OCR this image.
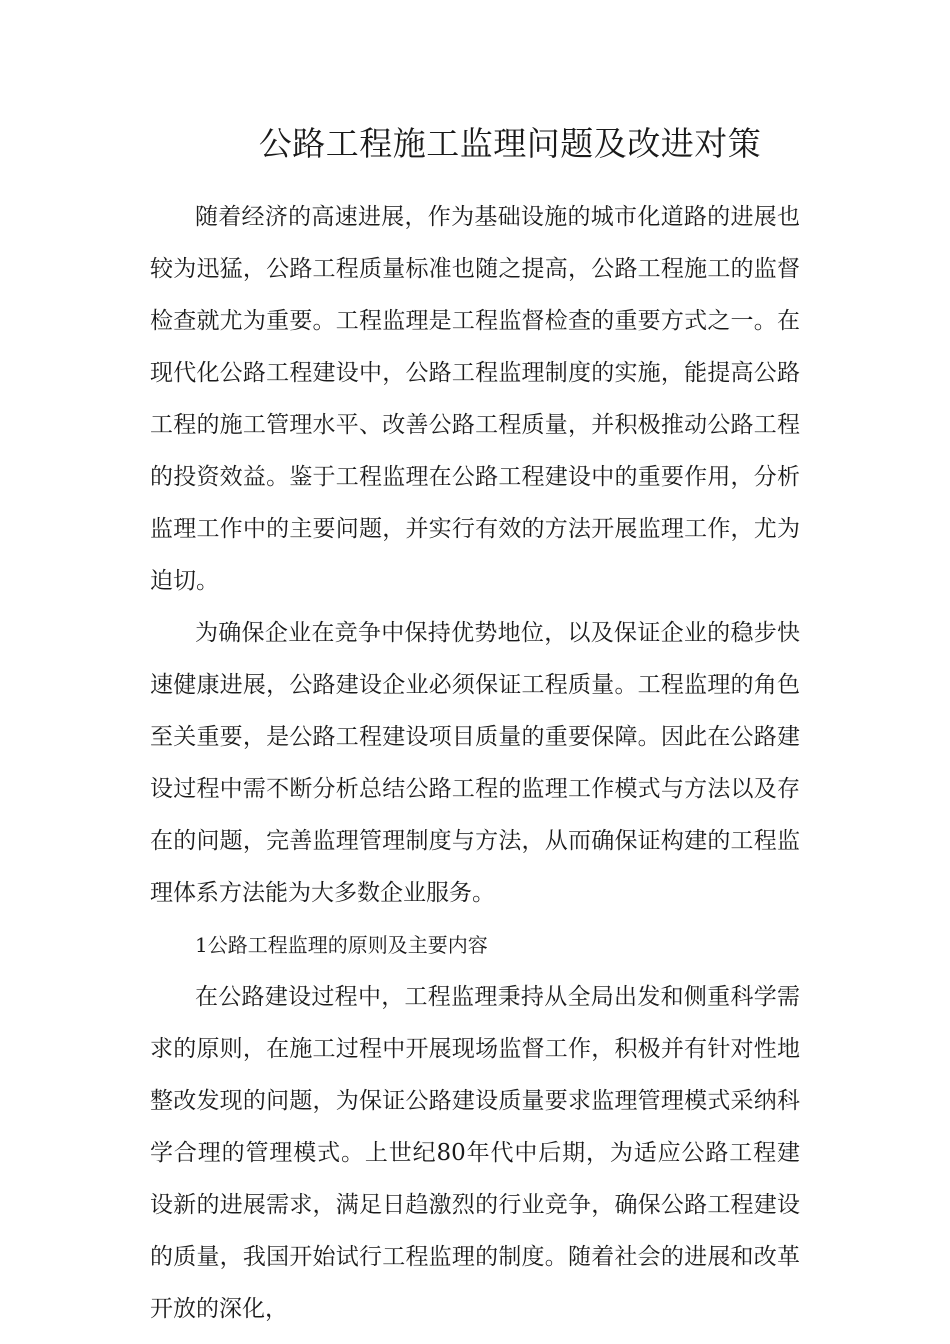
公路工程施工监理问题及改进对策

随着经济的高速进展，作为基础设施的城市化道路的进展也较为迅猛，公路工程质量标准也随之提高，公路工程施工的监督检查就尤为重要。工程监理是工程监督检查的重要方式之一。在现代化公路工程建设中，公路工程监理制度的实施，能提高公路工程的施工管理水平、改善公路工程质量，并积极推动公路工程的投资效益。鉴于工程监理在公路工程建设中的重要作用，分析监理工作中的主要问题，并实行有效的方法开展监理工作，尤为迫切。

为确保企业在竞争中保持优势地位，以及保证企业的稳步快速健康进展，公路建设企业必须保证工程质量。工程监理的角色至关重要，是公路工程建设项目质量的重要保障。因此在公路建设过程中需不断分析总结公路工程的监理工作模式与方法以及存在的问题，完善监理管理制度与方法，从而确保证构建的工程监理体系方法能为大多数企业服务。

1公路工程监理的原则及主要内容

在公路建设过程中，工程监理秉持从全局出发和侧重科学需求的原则，在施工过程中开展现场监督工作，积极并有针对性地整改发现的问题，为保证公路建设质量要求监理管理模式采纳科学合理的管理模式。上世纪80年代中后期，为适应公路工程建设新的进展需求，满足日趋激烈的行业竞争，确保公路工程建设的质量，我国开始试行工程监理的制度。随着社会的进展和改革开放的深化，
